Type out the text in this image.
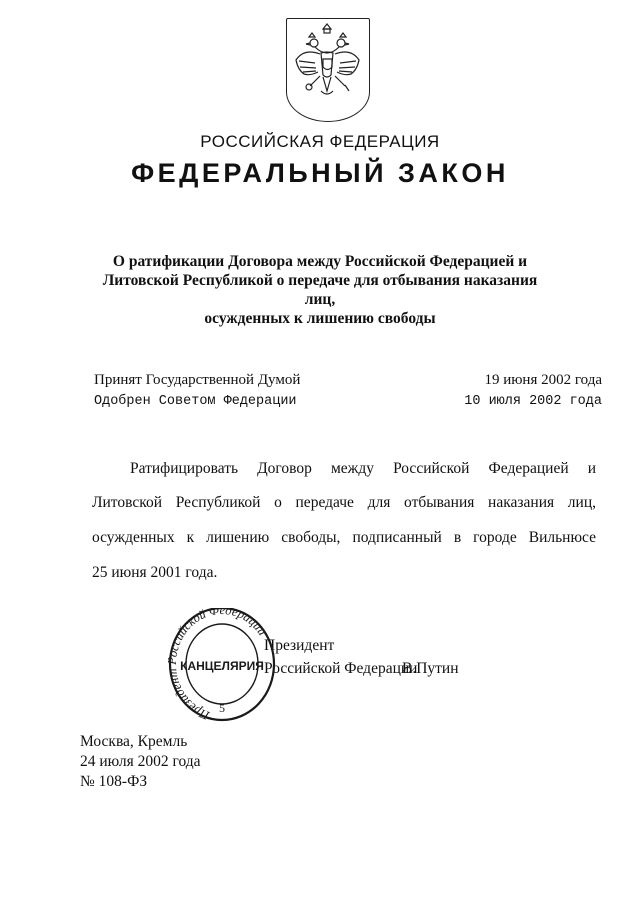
РОССИЙСКАЯ ФЕДЕРАЦИЯ
ФЕДЕРАЛЬНЫЙ ЗАКОН
О ратификации Договора между Российской Федерацией и
Литовской Республикой о передаче для отбывания наказания лиц,
осужденных к лишению свободы
Принят Государственной Думой	19 июня 2002 года
Одобрен Советом Федерации	10 июля 2002 года
Ратифицировать Договор между Российской Федерацией и
Литовской Республикой о передаче для отбывания наказания лиц,
осужденных к лишению свободы, подписанный в городе Вильнюсе
25 июня 2001 года.
Президент
Российской Федерации
В.Путин
Президен ссийской Федерации
КАНЦЕЛЯРИЯ
5
Москва, Кремль
24 июля 2002 года
№ 108-ФЗ
